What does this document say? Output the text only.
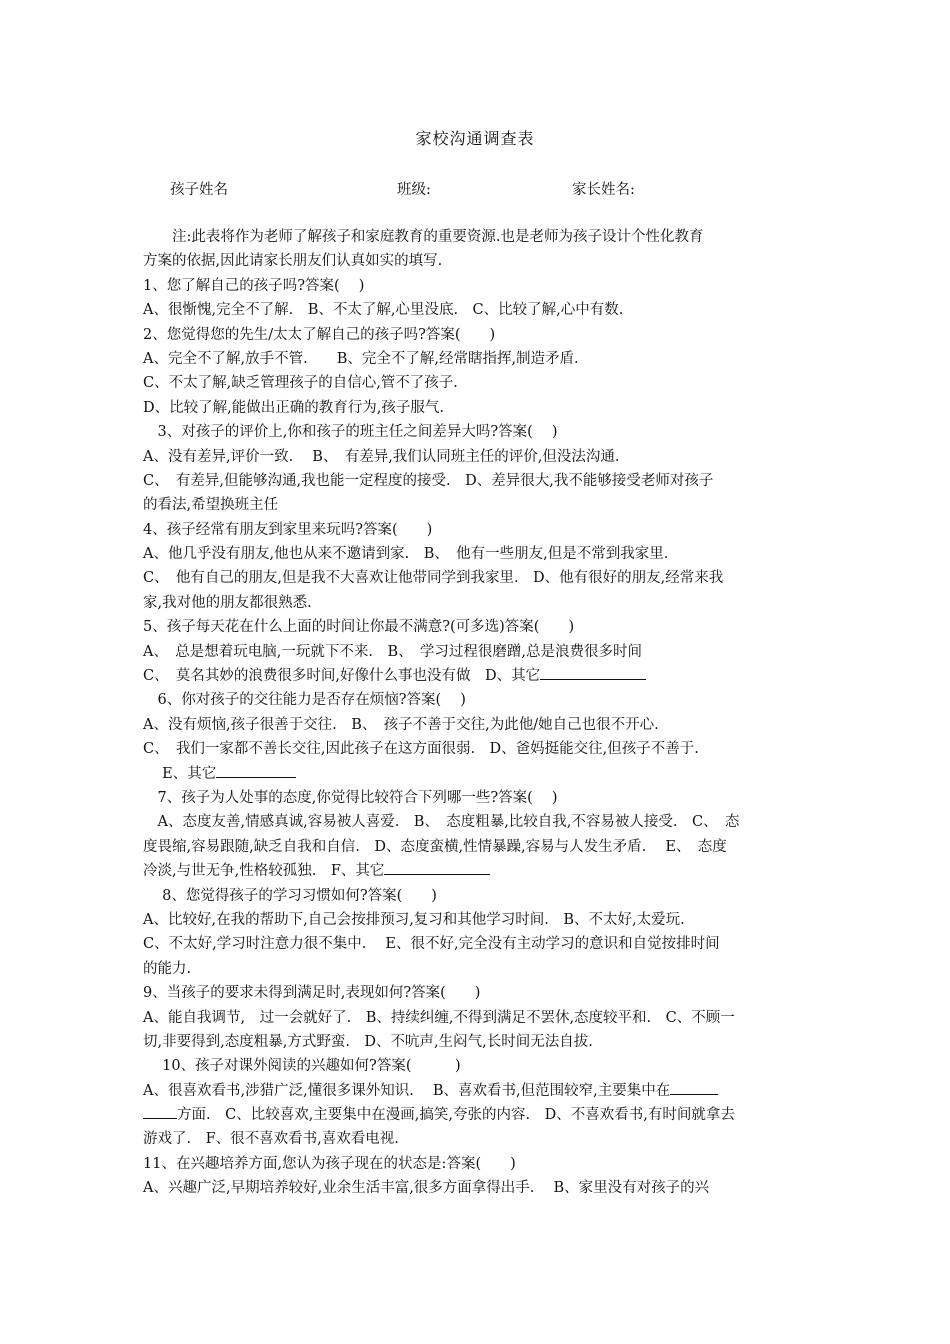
家校沟通调查表
孩子姓名	班级:	家长姓名:
　　注:此表将作为老师了解孩子和家庭教育的重要资源.也是老师为孩子设计个性化教育
方案的依据,因此请家长朋友们认真如实的填写.
1、您了解自己的孩子吗?答案(　 )
A、很惭愧,完全不了解.　B、不太了解,心里没底.　C、比较了解,心中有数.
2、您觉得您的先生/太太了解自己的孩子吗?答案(　　)
A、完全不了解,放手不管.　　B、完全不了解,经常瞎指挥,制造矛盾.
C、不太了解,缺乏管理孩子的自信心,管不了孩子.
D、比较了解,能做出正确的教育行为,孩子服气.
　3、对孩子的评价上,你和孩子的班主任之间差异大吗?答案(　 )
A、没有差异,评价一致.　 B、　有差异,我们认同班主任的评价,但没法沟通.
C、　有差异,但能够沟通,我也能一定程度的接受.　D、差异很大,我不能够接受老师对孩子
的看法,希望换班主任
4、孩子经常有朋友到家里来玩吗?答案(　　)
A、他几乎没有朋友,他也从来不邀请到家.　B、　他有一些朋友,但是不常到我家里.
C、　他有自己的朋友,但是我不大喜欢让他带同学到我家里.　D、他有很好的朋友,经常来我
家,我对他的朋友都很熟悉.
5、孩子每天花在什么上面的时间让你最不满意?(可多选)答案(　　)
A、　总是想着玩电脑,一玩就下不来.　B、　学习过程很磨蹭,总是浪费很多时间
C、　莫名其妙的浪费很多时间,好像什么事也没有做　D、其它
　6、你对孩子的交往能力是否存在烦恼?答案(　 )
A、没有烦恼,孩子很善于交往.　B、　孩子不善于交往,为此他/她自己也很不开心.
C、　我们一家都不善长交往,因此孩子在这方面很弱.　D、爸妈挺能交往,但孩子不善于.
　 E、其它
　7、孩子为人处事的态度,你觉得比较符合下列哪一些?答案(　 )
　A、态度友善,情感真诚,容易被人喜爱.　B、　态度粗暴,比较自我,不容易被人接受.　C、　态
度畏缩,容易跟随,缺乏自我和自信.　D、态度蛮横,性情暴躁,容易与人发生矛盾.　 E、　态度
冷淡,与世无争,性格较孤独.　F、其它
　 8、您觉得孩子的学习习惯如何?答案(　　)
A、比较好,在我的帮助下,自己会按排预习,复习和其他学习时间.　B、不太好,太爱玩.
C、不太好,学习时注意力很不集中.　 E、很不好,完全没有主动学习的意识和自觉按排时间
的能力.
9、当孩子的要求未得到满足时,表现如何?答案(　　)
A、能自我调节,　过一会就好了.　B、持续纠缠,不得到满足不罢休,态度较平和.　C、不顾一
切,非要得到,态度粗暴,方式野蛮.　D、不吭声,生闷气,长时间无法自拔.
　 10、孩子对课外阅读的兴趣如何?答案(　　　)
A、很喜欢看书,涉猎广泛,懂很多课外知识.　 B、喜欢看书,但范围较窄,主要集中在
方面.　C、比较喜欢,主要集中在漫画,搞笑,夸张的内容.　D、不喜欢看书,有时间就拿去
游戏了.　F、很不喜欢看书,喜欢看电视.
11、在兴趣培养方面,您认为孩子现在的状态是:答案(　　)
A、兴趣广泛,早期培养较好,业余生活丰富,很多方面拿得出手.　 B、家里没有对孩子的兴
